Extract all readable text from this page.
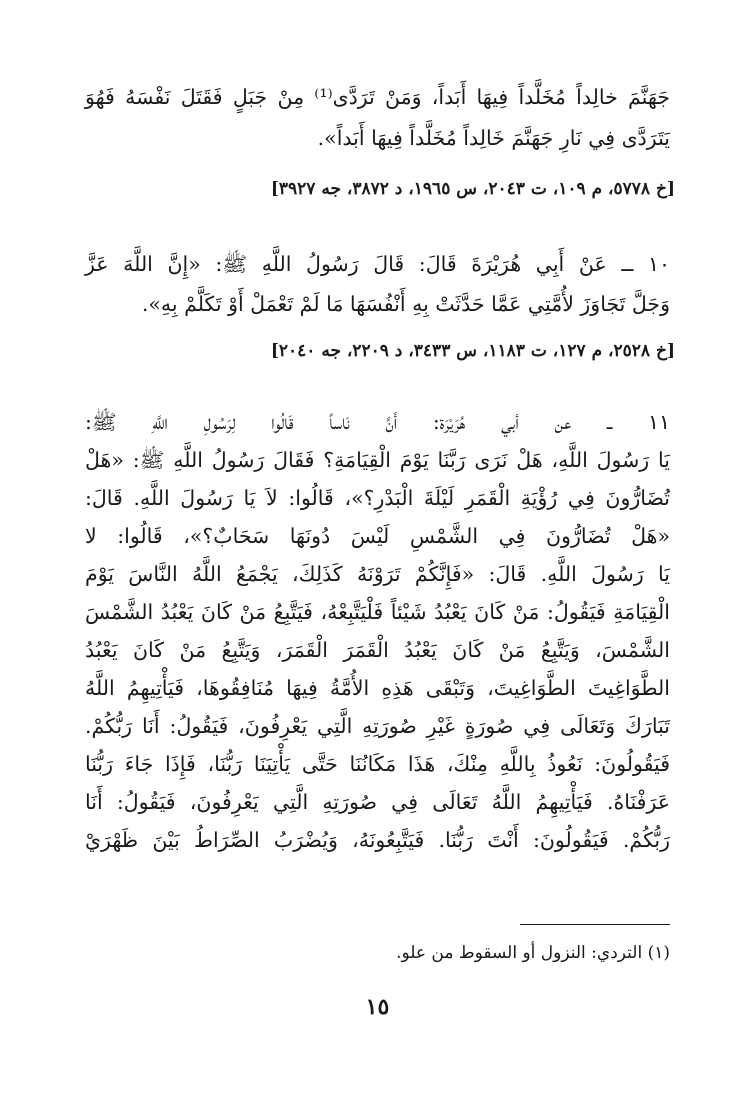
جَهَنَّمَ خالِداً مُخَلَّداً فِيهَا أَبَداً، وَمَنْ تَرَدَّى⁽¹⁾ مِنْ جَبَلٍ فَقَتَلَ نَفْسَهُ فَهُوَ
يَتَرَدَّى فِي نَارِ جَهَنَّمَ خَالِداً مُخَلَّداً فِيهَا أَبَداً».
[خ ٥٧٧٨، م ١٠٩، ت ٢٠٤٣، س ١٩٦٥، د ٣٨٧٢، جه ٣٩٢٧]
١٠ ــ عَنْ أَبِي هُرَيْرَةَ قَالَ: قَالَ رَسُولُ اللَّهِ ﷺ: «إِنَّ اللَّهَ عَزَّ
وَجَلَّ تَجَاوَزَ لأُمَّتِي عَمَّا حَدَّثَتْ بِهِ أَنْفُسَهَا مَا لَمْ تَعْمَلْ أَوْ تَكَلَّمْ بِهِ».
[خ ٢٥٢٨، م ١٢٧، ت ١١٨٣، س ٣٤٣٣، د ٢٢٠٩، جه ٢٠٤٠]
١١ ــ عن أبي هُرَيْرَة: أَنَّ نَاساً قَالُوا لِرَسُولِ اللَّهِ ﷺ:
يَا رَسُولَ اللَّهِ، هَلْ نَرَى رَبَّنَا يَوْمَ الْقِيَامَةِ؟ فَقَالَ رَسُولُ اللَّهِ ﷺ: «هَلْ
تُضَارُّونَ فِي رُؤْيَةِ الْقَمَرِ لَيْلَةَ الْبَدْرِ؟»، قَالُوا: لاَ يَا رَسُولَ اللَّهِ. قَالَ:
«هَلْ تُضَارُّونَ فِي الشَّمْسِ لَيْسَ دُونَهَا سَحَابٌ؟»، قَالُوا: لا
يَا رَسُولَ اللَّهِ. قَالَ: «فَإِنَّكُمْ تَرَوْنَهُ كَذَلِكَ، يَجْمَعُ اللَّهُ النَّاسَ يَوْمَ
الْقِيَامَةِ فَيَقُولُ: مَنْ كَانَ يَعْبُدُ شَيْئاً فَلْيَتَّبِعْهُ، فَيَتَّبِعُ مَنْ كَانَ يَعْبُدُ الشَّمْسَ
الشَّمْسَ، وَيَتَّبِعُ مَنْ كَانَ يَعْبُدُ الْقَمَرَ الْقَمَرَ، وَيَتَّبِعُ مَنْ كَانَ يَعْبُدُ
الطَّوَاغِيتَ الطَّوَاغِيتَ، وَتَبْقَى هَذِهِ الأُمَّةُ فِيهَا مُنَافِقُوهَا، فَيَأْتِيهِمُ اللَّهُ
تَبَارَكَ وَتَعَالَى فِي صُورَةٍ غَيْرِ صُورَتِهِ الَّتِي يَعْرِفُونَ، فَيَقُولُ: أَنَا رَبُّكُمْ.
فَيَقُولُونَ: نَعُوذُ بِاللَّهِ مِنْكَ، هَذَا مَكَانُنَا حَتَّى يَأْتِيَنَا رَبُّنَا، فَإِذَا جَاءَ رَبُّنَا
عَرَفْنَاهُ. فَيَأْتِيهِمُ اللَّهُ تَعَالَى فِي صُورَتِهِ الَّتِي يَعْرِفُونَ، فَيَقُولُ: أَنَا
رَبُّكُمْ. فَيَقُولُونَ: أَنْتَ رَبُّنَا. فَيَتَّبِعُونَهُ، وَيُضْرَبُ الصِّرَاطُ بَيْنَ ظَهْرَيْ
(١) التردي: النزول أو السقوط من علو.
١٥
